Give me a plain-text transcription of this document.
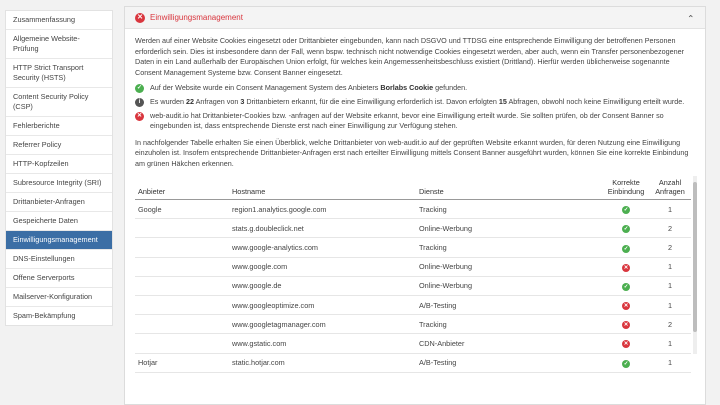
Zusammenfassung
Allgemeine Website-Prüfung
HTTP Strict Transport Security (HSTS)
Content Security Policy (CSP)
Fehlerberichte
Referrer Policy
HTTP-Kopfzeilen
Subresource Integrity (SRI)
Drittanbieter-Anfragen
Gespeicherte Daten
Einwilligungsmanagement
DNS-Einstellungen
Offene Serverports
Mailserver-Konfiguration
Spam-Bekämpfung
✕ Einwilligungsmanagement	⌄

Werden auf einer Website Cookies eingesetzt oder Drittanbieter eingebunden, kann nach DSGVO und TTDSG eine entsprechende Einwilligung der betroffenen Personen erforderlich sein. Dies ist insbesondere dann der Fall, wenn bspw. technisch nicht notwendige Cookies eingesetzt werden, aber auch, wenn ein Transfer personenbezogener Daten in ein Land außerhalb der Europäischen Union erfolgt, für welches kein Angemessenheitsbeschluss existiert (Drittland). Hierfür werden üblicherweise sogenannte Consent Management Systeme bzw. Consent Banner eingesetzt.

✓ Auf der Website wurde ein Consent Management System des Anbieters Borlabs Cookie gefunden.
i	Es wurden 22 Anfragen von 3 Drittanbietern erkannt, für die eine Einwilligung erforderlich ist. Davon erfolgten 15 Abfragen, obwohl noch keine Einwilligung erteilt wurde.
✕ web-audit.io hat Drittanbieter-Cookies bzw. -anfragen auf der Website erkannt, bevor eine Einwilligung erteilt wurde. Sie sollten prüfen, ob der Consent Banner so eingebunden ist, dass entsprechende Dienste erst nach einer Einwilligung zur Verfügung stehen.

In nachfolgender Tabelle erhalten Sie einen Überblick, welche Drittanbieter von web-audit.io auf der geprüften Website erkannt wurden, für deren Nutzung eine Einwilligung einzuholen ist. Insofern entsprechende Drittanbieter-Anfragen erst nach erteilter Einwilligung mittels Consent Banner ausgeführt wurden, können Sie eine korrekte Einbindung am grünen Häkchen erkennen.

Anbieter	Hostname	Dienste	Korrekte Einbindung	Anzahl Anfragen
Google	region1.analytics.google.com	Tracking	✓	1
	stats.g.doubleclick.net	Online-Werbung	✓	2
	www.google-analytics.com	Tracking	✓	2
	www.google.com	Online-Werbung	✕	1
	www.google.de	Online-Werbung	✓	1
	www.googleoptimize.com	A/B-Testing	✕	1
	www.googletagmanager.com	Tracking	✕	2
	www.gstatic.com	CDN-Anbieter	✕	1
Hotjar	static.hotjar.com	A/B-Testing	✓	1
